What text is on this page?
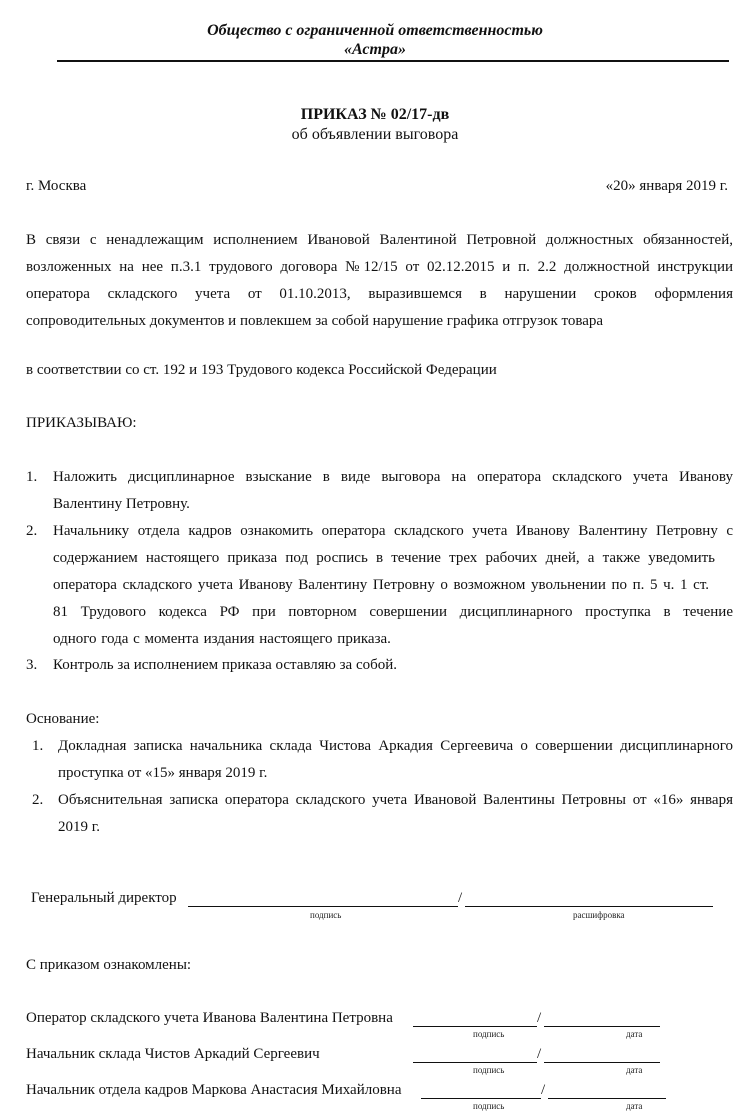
Общество с ограниченной ответственностью
«Астра»
ПРИКАЗ № 02/17-дв
об объявлении выговора
г. Москва	«20» января 2019 г.
В связи с ненадлежащим исполнением Ивановой Валентиной Петровной должностных обязанностей,
возложенных на нее п.3.1 трудового договора №12/15 от 02.12.2015 и п. 2.2 должностной инструкции
оператора складского учета от 01.10.2013, выразившемся в нарушении сроков оформления
сопроводительных документов и повлекшем за собой нарушение графика отгрузок товара
в соответствии со ст. 192 и 193 Трудового кодекса Российской Федерации
ПРИКАЗЫВАЮ:
1. Наложить дисциплинарное взыскание в виде выговора на оператора складского учета Иванову
Валентину Петровну.
2. Начальнику отдела кадров ознакомить оператора складского учета Иванову Валентину Петровну с
содержанием настоящего приказа под роспись в течение трех рабочих дней, а также уведомить
оператора складского учета Иванову Валентину Петровну о возможном увольнении по п. 5 ч. 1 ст.
81 Трудового кодекса РФ при повторном совершении дисциплинарного проступка в течение
одного года с момента издания настоящего приказа.
3. Контроль за исполнением приказа оставляю за собой.
Основание:
1. Докладная записка начальника склада Чистова Аркадия Сергеевича о совершении дисциплинарного
проступка от «15» января 2019 г.
2. Объяснительная записка оператора складского учета Ивановой Валентины Петровны от «16» января
2019 г.
Генеральный директор	/
подпись	расшифровка
С приказом ознакомлены:
Оператор складского учета Иванова Валентина Петровна	/
подпись	дата
Начальник склада Чистов Аркадий Сергеевич	/
подпись	дата
Начальник отдела кадров Маркова Анастасия Михайловна	/
подпись	дата
